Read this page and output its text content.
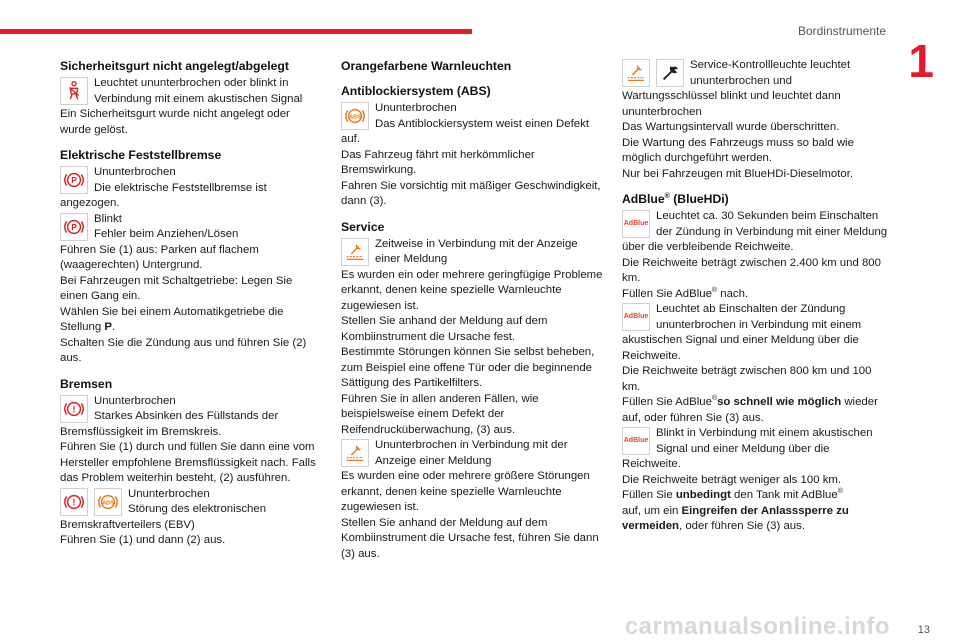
Bordinstrumente
1
Sicherheitsgurt nicht angelegt/abgelegt

Leuchtet ununterbrochen oder blinkt in Verbindung mit einem akustischen Signal

Ein Sicherheitsgurt wurde nicht angelegt oder wurde gelöst.

Elektrische Feststellbremse
P

Ununterbrochen

Die elektrische Feststellbremse ist angezogen.

P

Blinkt

Fehler beim Anziehen/Lösen

Führen Sie (1) aus: Parken auf flachem (waagerechten) Untergrund.

Bei Fahrzeugen mit Schaltgetriebe: Legen Sie einen Gang ein.

Wählen Sie bei einem Automatikgetriebe die Stellung P.

Schalten Sie die Zündung aus und führen Sie (2) aus.

Bremsen
!

Ununterbrochen

Starkes Absinken des Füllstands der Bremsflüssigkeit im Bremskreis.

Führen Sie (1) durch und füllen Sie dann eine vom Hersteller empfohlene Bremsflüssigkeit nach. Falls das Problem weiterhin besteht, (2) ausführen.

!	ABS

Ununterbrochen

Störung des elektronischen Bremskraftverteilers (EBV)

Führen Sie (1) und dann (2) aus.

Orangefarbene Warnleuchten
Antiblockiersystem (ABS)
ABS

Ununterbrochen

Das Antiblockiersystem weist einen Defekt auf.

Das Fahrzeug fährt mit herkömmlicher Bremswirkung.

Fahren Sie vorsichtig mit mäßiger Geschwindigkeit, dann (3).

Service

Zeitweise in Verbindung mit der Anzeige einer Meldung

Es wurden ein oder mehrere geringfügige Probleme erkannt, denen keine spezielle Warnleuchte zugewiesen ist.

Stellen Sie anhand der Meldung auf dem Kombiinstrument die Ursache fest.

Bestimmte Störungen können Sie selbst beheben, zum Beispiel eine offene Tür oder die beginnende Sättigung des Partikelfilters.

Führen Sie in allen anderen Fällen, wie beispielsweise einem Defekt der Reifendrucküberwachung, (3) aus.

Ununterbrochen in Verbindung mit der Anzeige einer Meldung

Es wurden eine oder mehrere größere Störungen erkannt, denen keine spezielle Warnleuchte zugewiesen ist.

Stellen Sie anhand der Meldung auf dem Kombiinstrument die Ursache fest, führen Sie dann (3) aus.

Service-Kontrollleuchte leuchtet ununterbrochen und Wartungsschlüssel blinkt und leuchtet dann ununterbrochen

Das Wartungsintervall wurde überschritten.

Die Wartung des Fahrzeugs muss so bald wie möglich durchgeführt werden.

Nur bei Fahrzeugen mit BlueHDi-Dieselmotor.

AdBlue® (BlueHDi)
AdBlue

Leuchtet ca. 30 Sekunden beim Einschalten der Zündung in Verbindung mit einer Meldung über die verbleibende Reichweite.

Die Reichweite beträgt zwischen 2.400 km und 800 km.

Füllen Sie AdBlue® nach.

AdBlue

Leuchtet ab Einschalten der Zündung ununterbrochen in Verbindung mit einem akustischen Signal und einer Meldung über die Reichweite.

Die Reichweite beträgt zwischen 800 km und 100 km.

Füllen Sie AdBlue®so schnell wie möglich wieder auf, oder führen Sie (3) aus.

AdBlue

Blinkt in Verbindung mit einem akustischen Signal und einer Meldung über die Reichweite.

Die Reichweite beträgt weniger als 100 km.

Füllen Sie unbedingt den Tank mit AdBlue®

auf, um ein Eingreifen der Anlasssperre zu vermeiden, oder führen Sie (3) aus.

carmanualsonline.info	13
